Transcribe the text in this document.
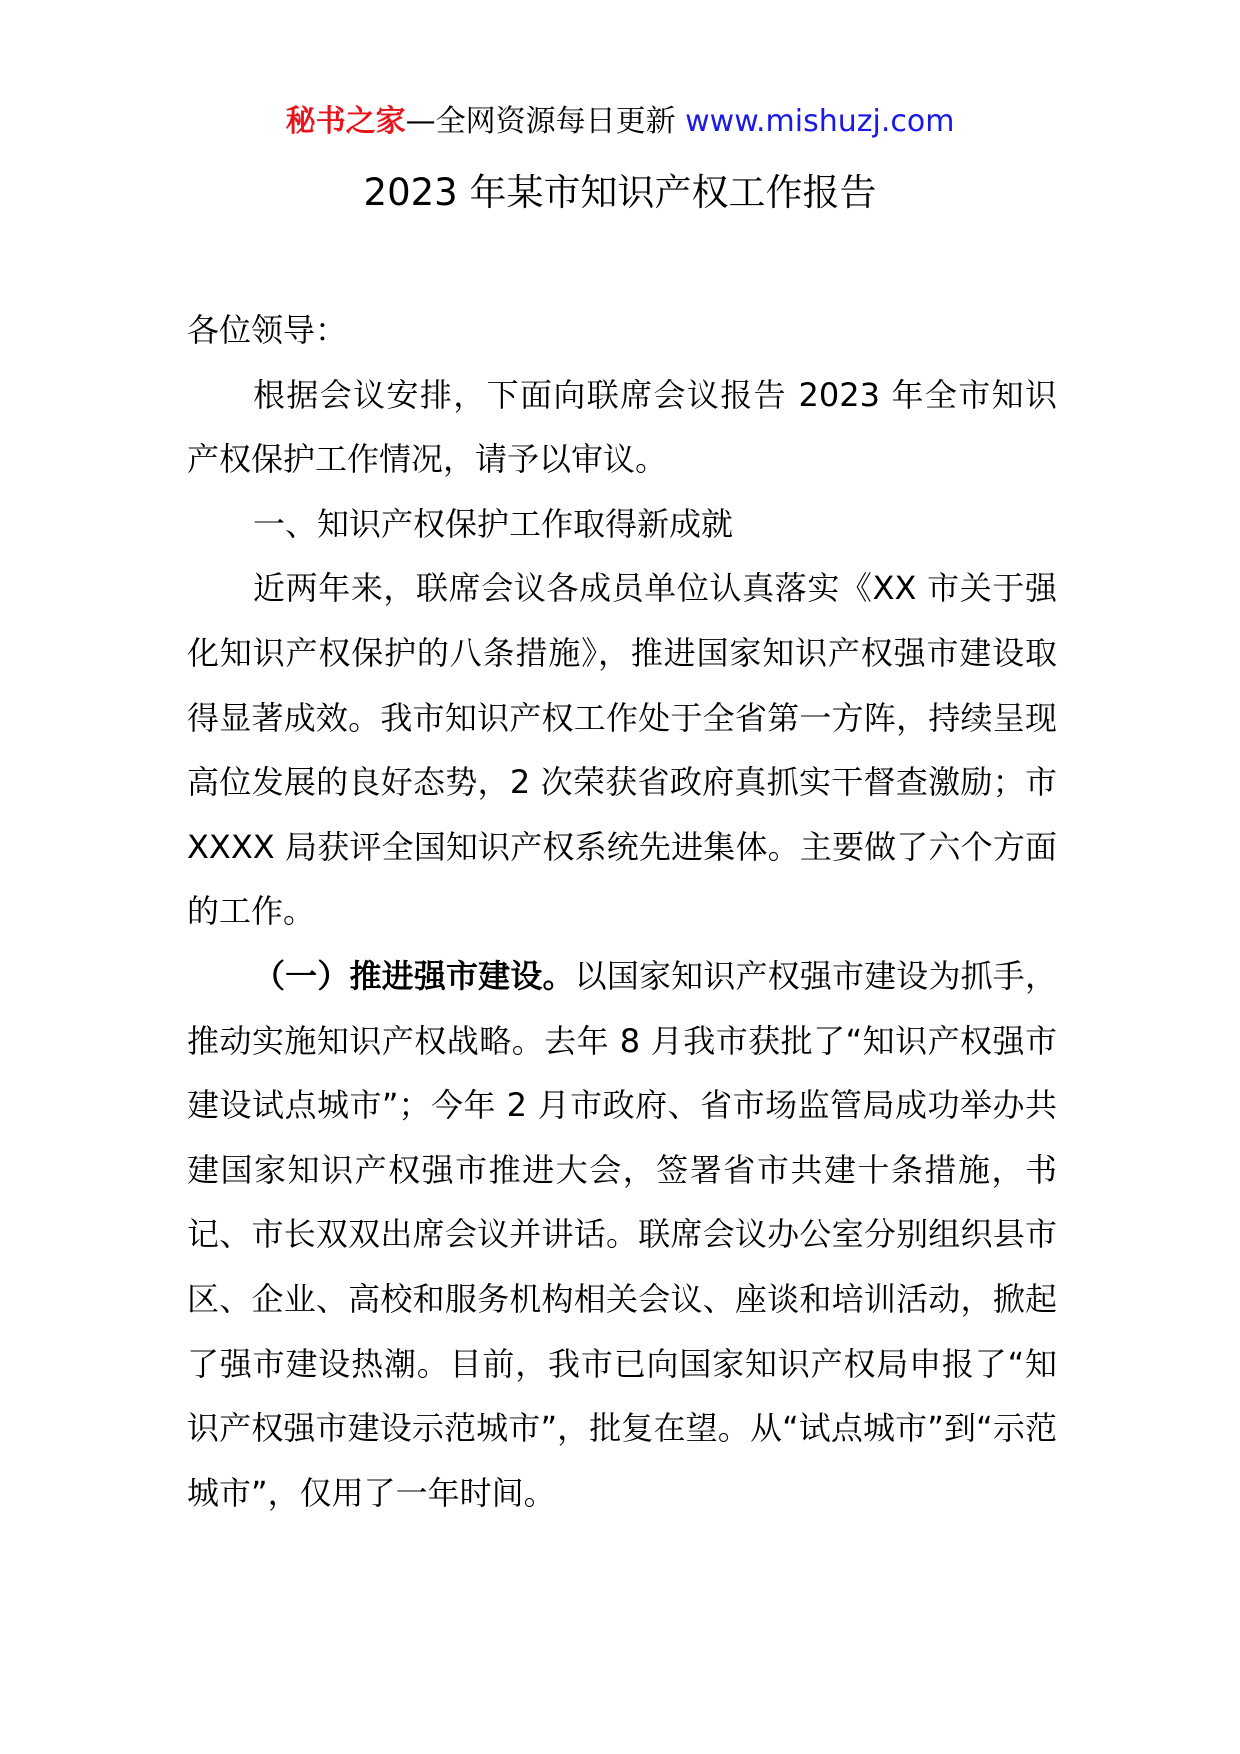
秘书之家—全网资源每日更新 www.mishuzj.com
2023 年某市知识产权工作报告

各位领导：

根据会议安排，下面向联席会议报告 2023 年全市知识产权保护工作情况，请予以审议。

一、知识产权保护工作取得新成就

近两年来，联席会议各成员单位认真落实《XX 市关于强化知识产权保护的八条措施》，推进国家知识产权强市建设取得显著成效。我市知识产权工作处于全省第一方阵，持续呈现高位发展的良好态势，2 次荣获省政府真抓实干督查激励；市 XXXX 局获评全国知识产权系统先进集体。主要做了六个方面的工作。

（一）推进强市建设。以国家知识产权强市建设为抓手，推动实施知识产权战略。去年 8 月我市获批了“知识产权强市建设试点城市”；今年 2 月市政府、省市场监管局成功举办共建国家知识产权强市推进大会，签署省市共建十条措施，书记、市长双双出席会议并讲话。联席会议办公室分别组织县市区、企业、高校和服务机构相关会议、座谈和培训活动，掀起了强市建设热潮。目前，我市已向国家知识产权局申报了“知识产权强市建设示范城市”，批复在望。从“试点城市”到“示范城市”，仅用了一年时间。
